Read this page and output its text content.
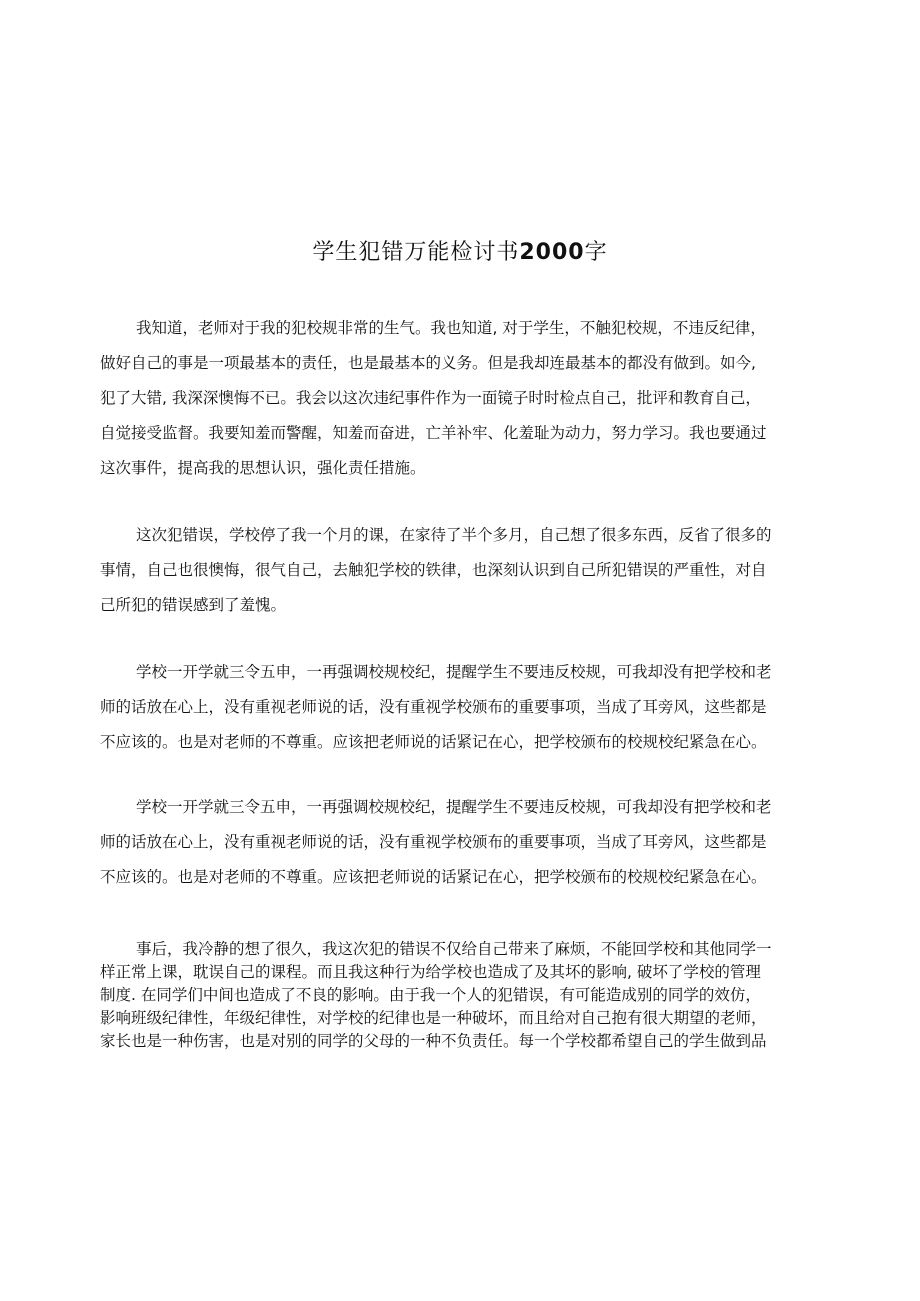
学生犯错万能检讨书2000字
我知道，老师对于我的犯校规非常的生气。我也知道, 对于学生，不触犯校规，不违反纪律，
做好自己的事是一项最基本的责任，也是最基本的义务。但是我却连最基本的都没有做到。如今,
犯了大错, 我深深懊悔不已。我会以这次违纪事件作为一面镜子时时检点自己，批评和教育自己，
自觉接受监督。我要知羞而警醒，知羞而奋进，亡羊补牢、化羞耻为动力，努力学习。我也要通过
这次事件，提高我的思想认识，强化责任措施。
这次犯错误，学校停了我一个月的课，在家待了半个多月，自己想了很多东西，反省了很多的
事情，自己也很懊悔，很气自己，去触犯学校的铁律，也深刻认识到自己所犯错误的严重性，对自
己所犯的错误感到了羞愧。
学校一开学就三令五申，一再强调校规校纪，提醒学生不要违反校规，可我却没有把学校和老
师的话放在心上，没有重视老师说的话，没有重视学校颁布的重要事项，当成了耳旁风，这些都是
不应该的。也是对老师的不尊重。应该把老师说的话紧记在心，把学校颁布的校规校纪紧急在心。
学校一开学就三令五申，一再强调校规校纪，提醒学生不要违反校规，可我却没有把学校和老
师的话放在心上，没有重视老师说的话，没有重视学校颁布的重要事项，当成了耳旁风，这些都是
不应该的。也是对老师的不尊重。应该把老师说的话紧记在心，把学校颁布的校规校纪紧急在心。
事后，我冷静的想了很久，我这次犯的错误不仅给自己带来了麻烦，不能回学校和其他同学一
样正常上课，耽误自己的课程。而且我这种行为给学校也造成了及其坏的影响, 破坏了学校的管理
制度. 在同学们中间也造成了不良的影响。由于我一个人的犯错误，有可能造成别的同学的效仿，
影响班级纪律性，年级纪律性，对学校的纪律也是一种破坏，而且给对自己抱有很大期望的老师，
家长也是一种伤害，也是对别的同学的父母的一种不负责任。每一个学校都希望自己的学生做到品
